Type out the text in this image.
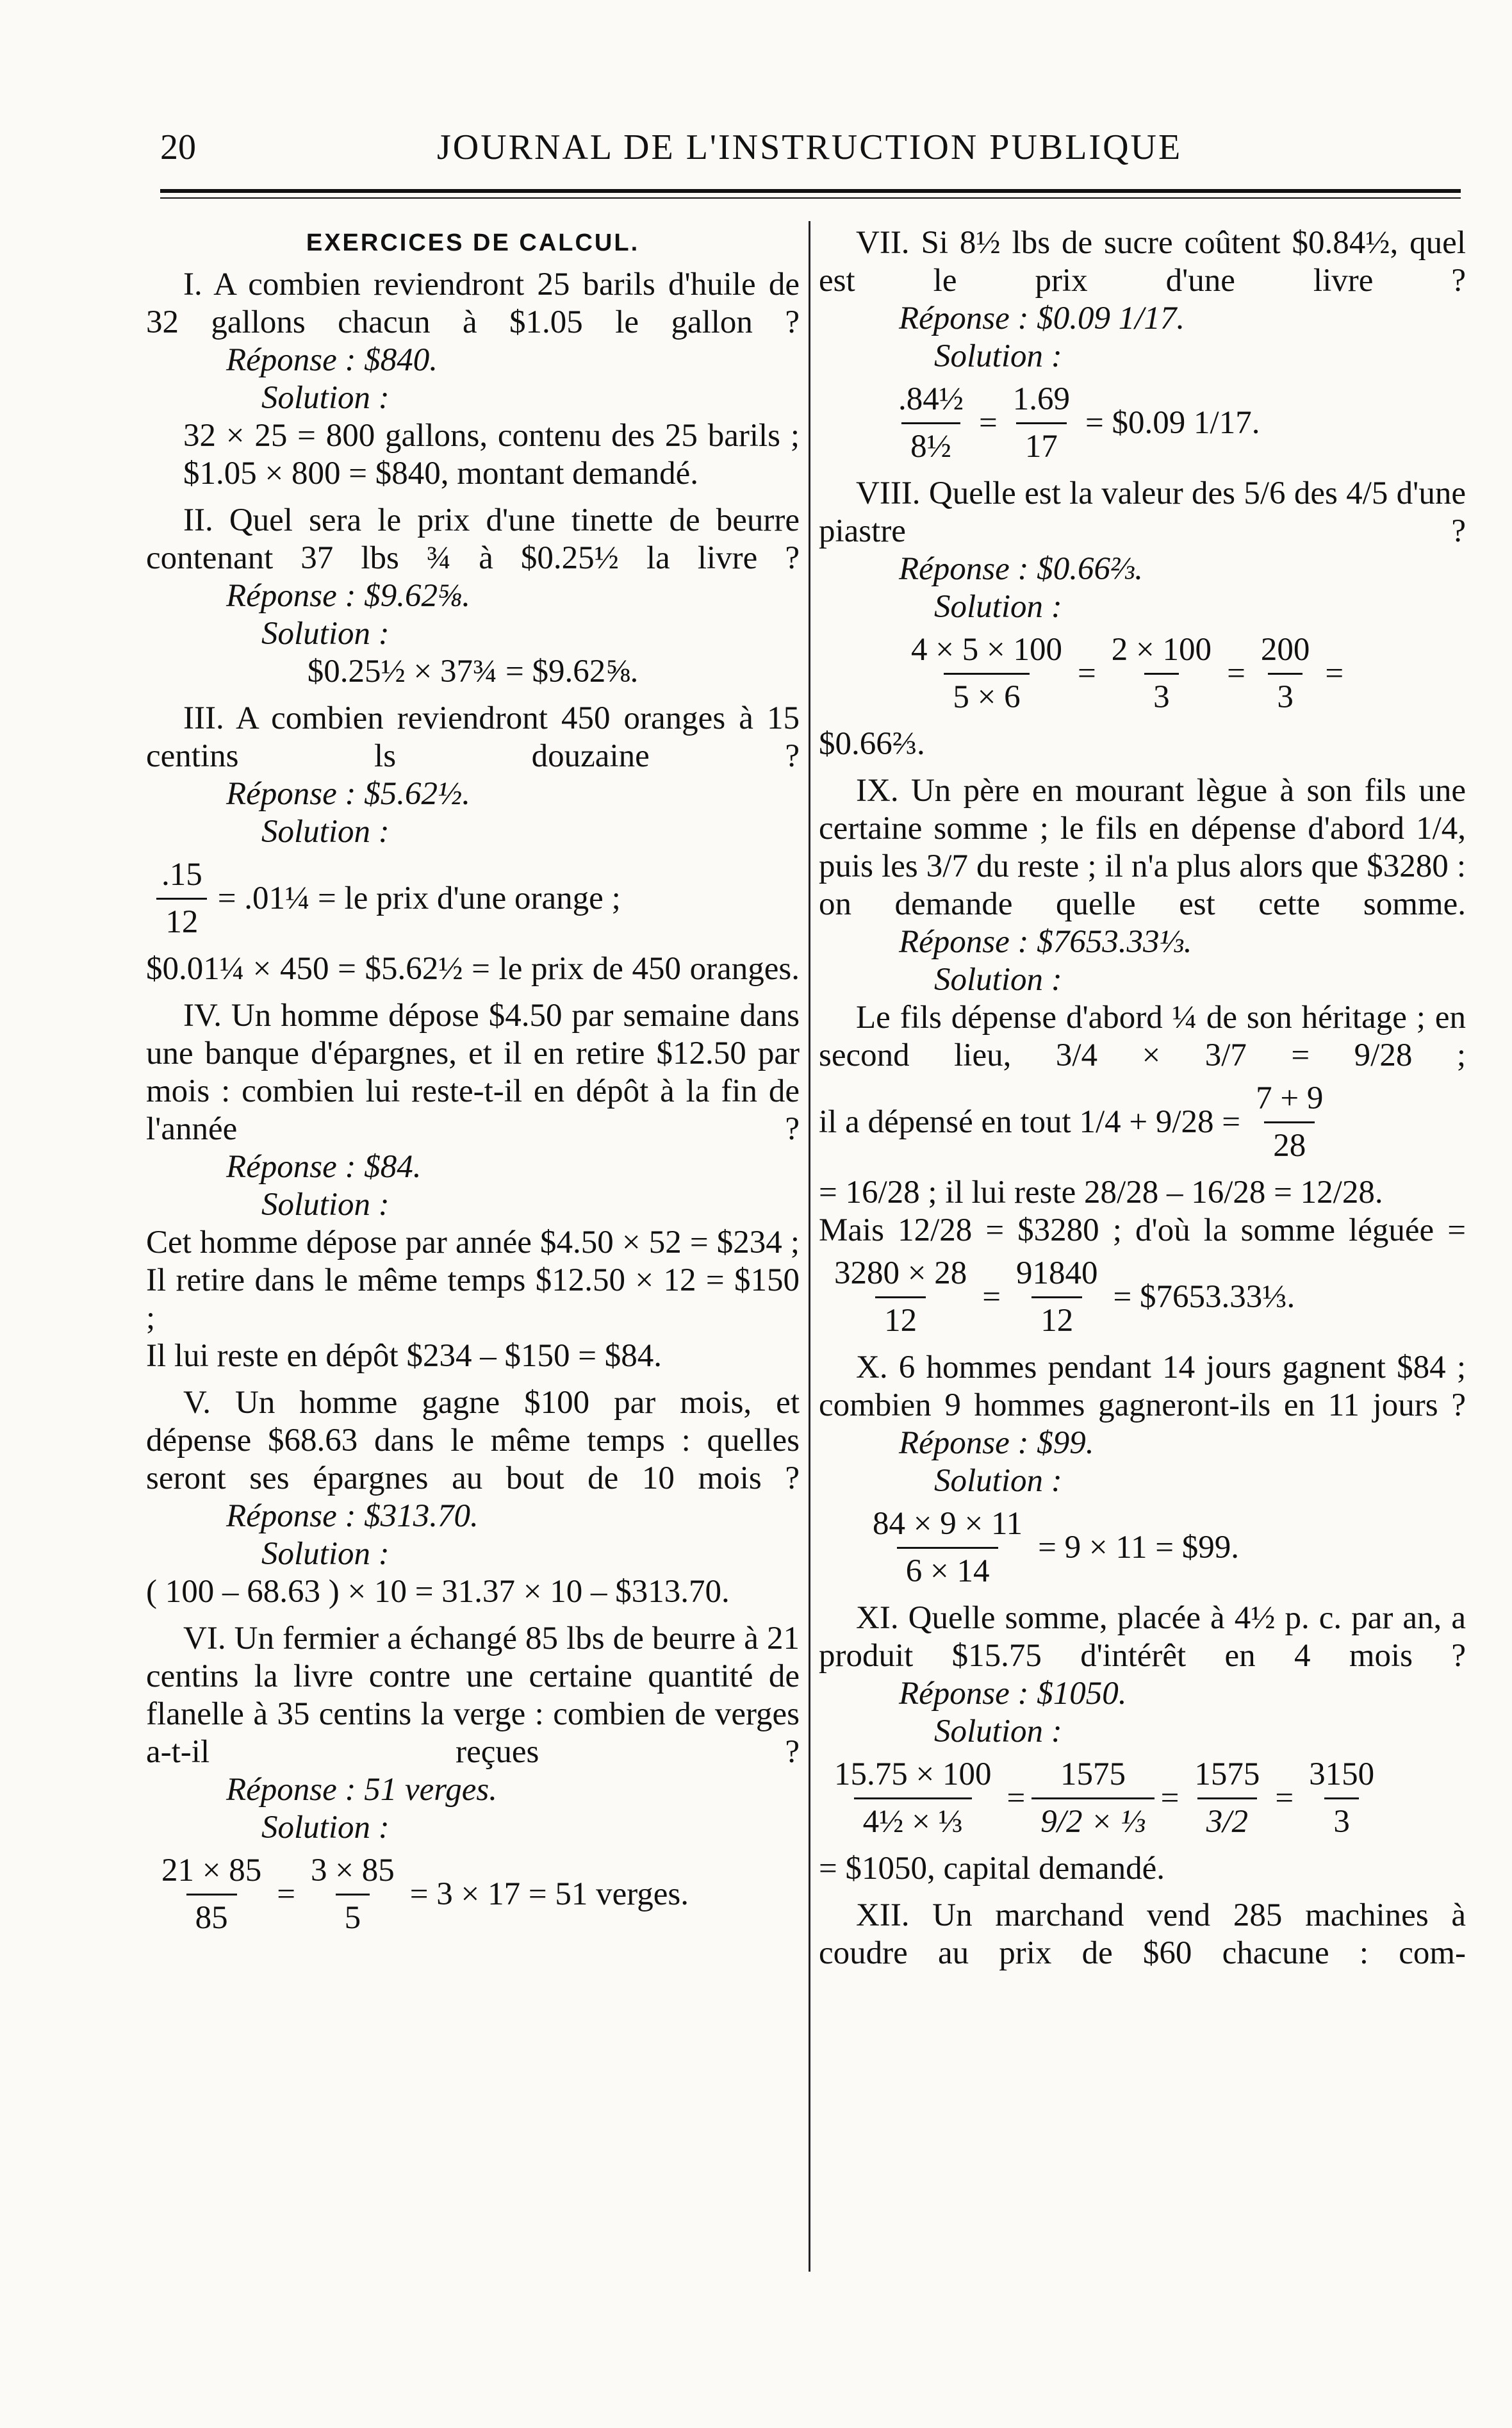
20	JOURNAL DE L'INSTRUCTION PUBLIQUE

EXERCICES DE CALCUL.

I. A combien reviendront 25 barils d'huile de 32 gallons chacun à $1.05 le gallon ?

Réponse : $840.

Solution :

32 × 25 = 800 gallons, contenu des 25 barils ;

$1.05 × 800 = $840, montant demandé.

II. Quel sera le prix d'une tinette de beurre contenant 37 lbs ¾ à $0.25½ la livre ?

Réponse : $9.62⅝.

Solution :

$0.25½ × 37¾ = $9.62⅝.

III. A combien reviendront 450 oranges à 15 centins ls douzaine ?

Réponse : $5.62½.

Solution :

$\frac{.15}{12}$ = .01¼ = le prix d'une orange ;

$0.01¼ × 450 = $5.62½ = le prix de 450 oranges.

IV. Un homme dépose $4.50 par semaine dans une banque d'épargnes, et il en retire $12.50 par mois : combien lui reste-t-il en dépôt à la fin de l'année ?

Réponse : $84.

Solution :

Cet homme dépose par année $4.50 × 52 = $234 ;

Il retire dans le même temps $12.50 × 12 = $150 ;

Il lui reste en dépôt $234 – $150 = $84.

V. Un homme gagne $100 par mois, et dépense $68.63 dans le même temps : quelles seront ses épargnes au bout de 10 mois ?

Réponse : $313.70.

Solution :

( 100 – 68.63 ) × 10 = 31.37 × 10 – $313.70.

VI. Un fermier a échangé 85 lbs de beurre à 21 centins la livre contre une certaine quantité de flanelle à 35 centins la verge : combien de verges a-t-il reçues ?

Réponse : 51 verges.

Solution :

$\frac{21 \times 85}{85} = \frac{3 \times 85}{5} = 3 \times 17 = 51$ verges.

VII. Si 8½ lbs de sucre coûtent $0.84½, quel est le prix d'une livre ?

Réponse : $0.09 1/17.

Solution :

$\frac{\text{.84½}}{\text{8½}} = \frac{1.69}{17}$ = $0.09 1/17.

VIII. Quelle est la valeur des 5/6 des 4/5 d'une piastre ?

Réponse : $0.66⅔.

Solution :

$\frac{4 \times 5 \times 100}{5 \times 6} = \frac{2 \times 100}{3} = \frac{200}{3}$ =

$0.66⅔.

IX. Un père en mourant lègue à son fils une certaine somme ; le fils en dépense d'abord 1/4, puis les 3/7 du reste ; il n'a plus alors que $3280 : on demande quelle est cette somme.

Réponse : $7653.33⅓.

Solution :

Le fils dépense d'abord ¼ de son héritage ; en second lieu, 3/4 × 3/7 = 9/28 ;

il a dépensé en tout $1/4 + 9/28 = \frac{7 + 9}{28}$

= 16/28 ; il lui reste 28/28 – 16/28 = 12/28.

Mais 12/28 = $3280 ; d'où la somme léguée =

$\frac{3280 \times 28}{12} = \frac{91840}{12}$ = $7653.33⅓.

X. 6 hommes pendant 14 jours gagnent $84 ; combien 9 hommes gagneront-ils en 11 jours ?

Réponse : $99.

Solution :

$\frac{84 \times 9 \times 11}{6 \times 14} = 9 \times 11$ = $99.

XI. Quelle somme, placée à 4½ p. c. par an, a produit $15.75 d'intérêt en 4 mois ?

Réponse : $1050.

Solution :

$\frac{15.75 \times 100}{\text{4½ × ⅓}} = \frac{1575}{\text{9/2 × ⅓}} = \frac{1575}{3/2} = \frac{3150}{3}$

= $1050, capital demandé.

XII. Un marchand vend 285 machines à coudre au prix de $60 chacune : com-
